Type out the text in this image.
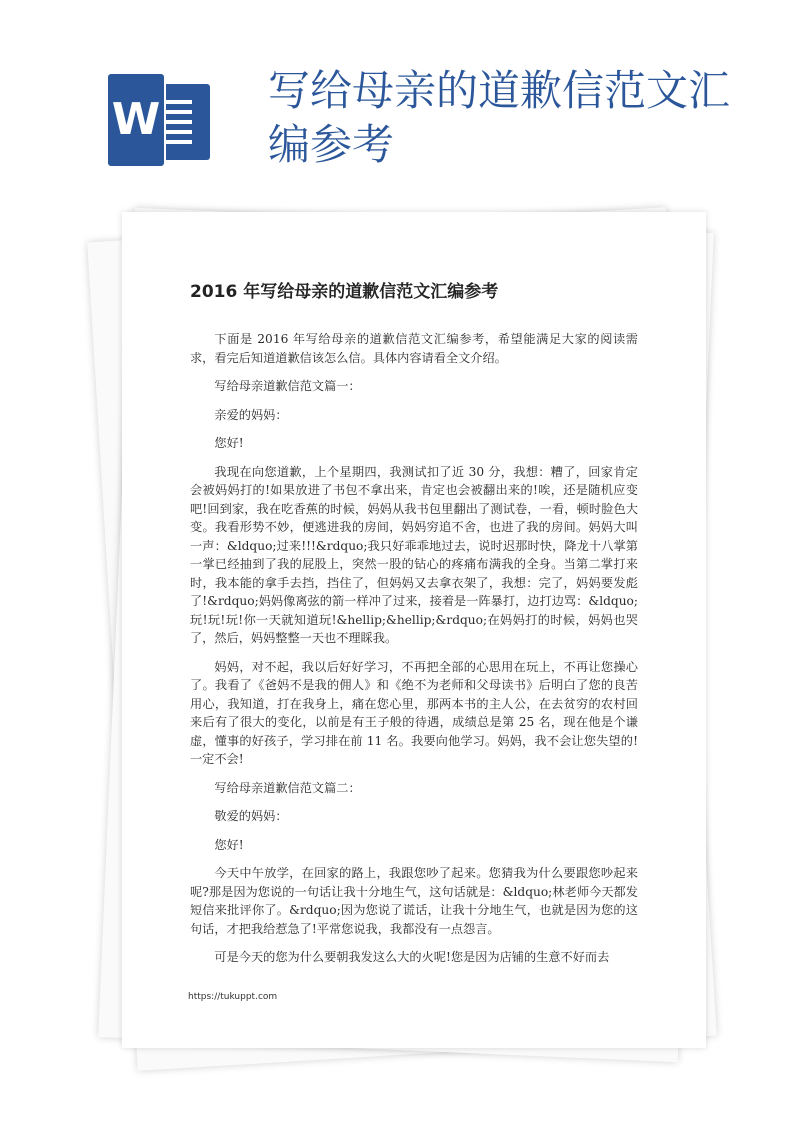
W
写给母亲的道歉信范文汇编参考
2016 年写给母亲的道歉信范文汇编参考

下面是 2016 年写给母亲的道歉信范文汇编参考，希望能满足大家的阅读需求，看完后知道道歉信该怎么信。具体内容请看全文介绍。

写给母亲道歉信范文篇一：

亲爱的妈妈：

您好!

我现在向您道歉，上个星期四，我测试扣了近 30 分，我想：糟了，回家肯定会被妈妈打的!如果放进了书包不拿出来，肯定也会被翻出来的!唉，还是随机应变吧!回到家，我在吃香蕉的时候，妈妈从我书包里翻出了测试卷，一看，顿时脸色大变。我看形势不妙，便逃进我的房间，妈妈穷追不舍，也进了我的房间。妈妈大叫一声：&ldquo;过来!!!&rdquo;我只好乖乖地过去，说时迟那时快，降龙十八掌第一掌已经抽到了我的屁股上，突然一股的钻心的疼痛布满我的全身。当第二掌打来时，我本能的拿手去挡，挡住了，但妈妈又去拿衣架了，我想：完了，妈妈要发彪了!&rdquo;妈妈像离弦的箭一样冲了过来，接着是一阵暴打，边打边骂：&ldquo;玩!玩!玩!你一天就知道玩!&hellip;&hellip;&rdquo;在妈妈打的时候，妈妈也哭了，然后，妈妈整整一天也不理睬我。

妈妈，对不起，我以后好好学习，不再把全部的心思用在玩上，不再让您操心了。我看了《爸妈不是我的佣人》和《绝不为老师和父母读书》后明白了您的良苦用心，我知道，打在我身上，痛在您心里，那两本书的主人公，在去贫穷的农村回来后有了很大的变化，以前是有王子般的待遇，成绩总是第 25 名，现在他是个谦虚，懂事的好孩子，学习排在前 11 名。我要向他学习。妈妈，我不会让您失望的!一定不会!

写给母亲道歉信范文篇二：

敬爱的妈妈：

您好!

今天中午放学，在回家的路上，我跟您吵了起来。您猜我为什么要跟您吵起来呢?那是因为您说的一句话让我十分地生气，这句话就是：&ldquo;林老师今天都发短信来批评你了。&rdquo;因为您说了谎话，让我十分地生气，也就是因为您的这句话，才把我给惹急了!平常您说我，我都没有一点怨言。

可是今天的您为什么要朝我发这么大的火呢!您是因为店铺的生意不好而去

https://tukuppt.com
